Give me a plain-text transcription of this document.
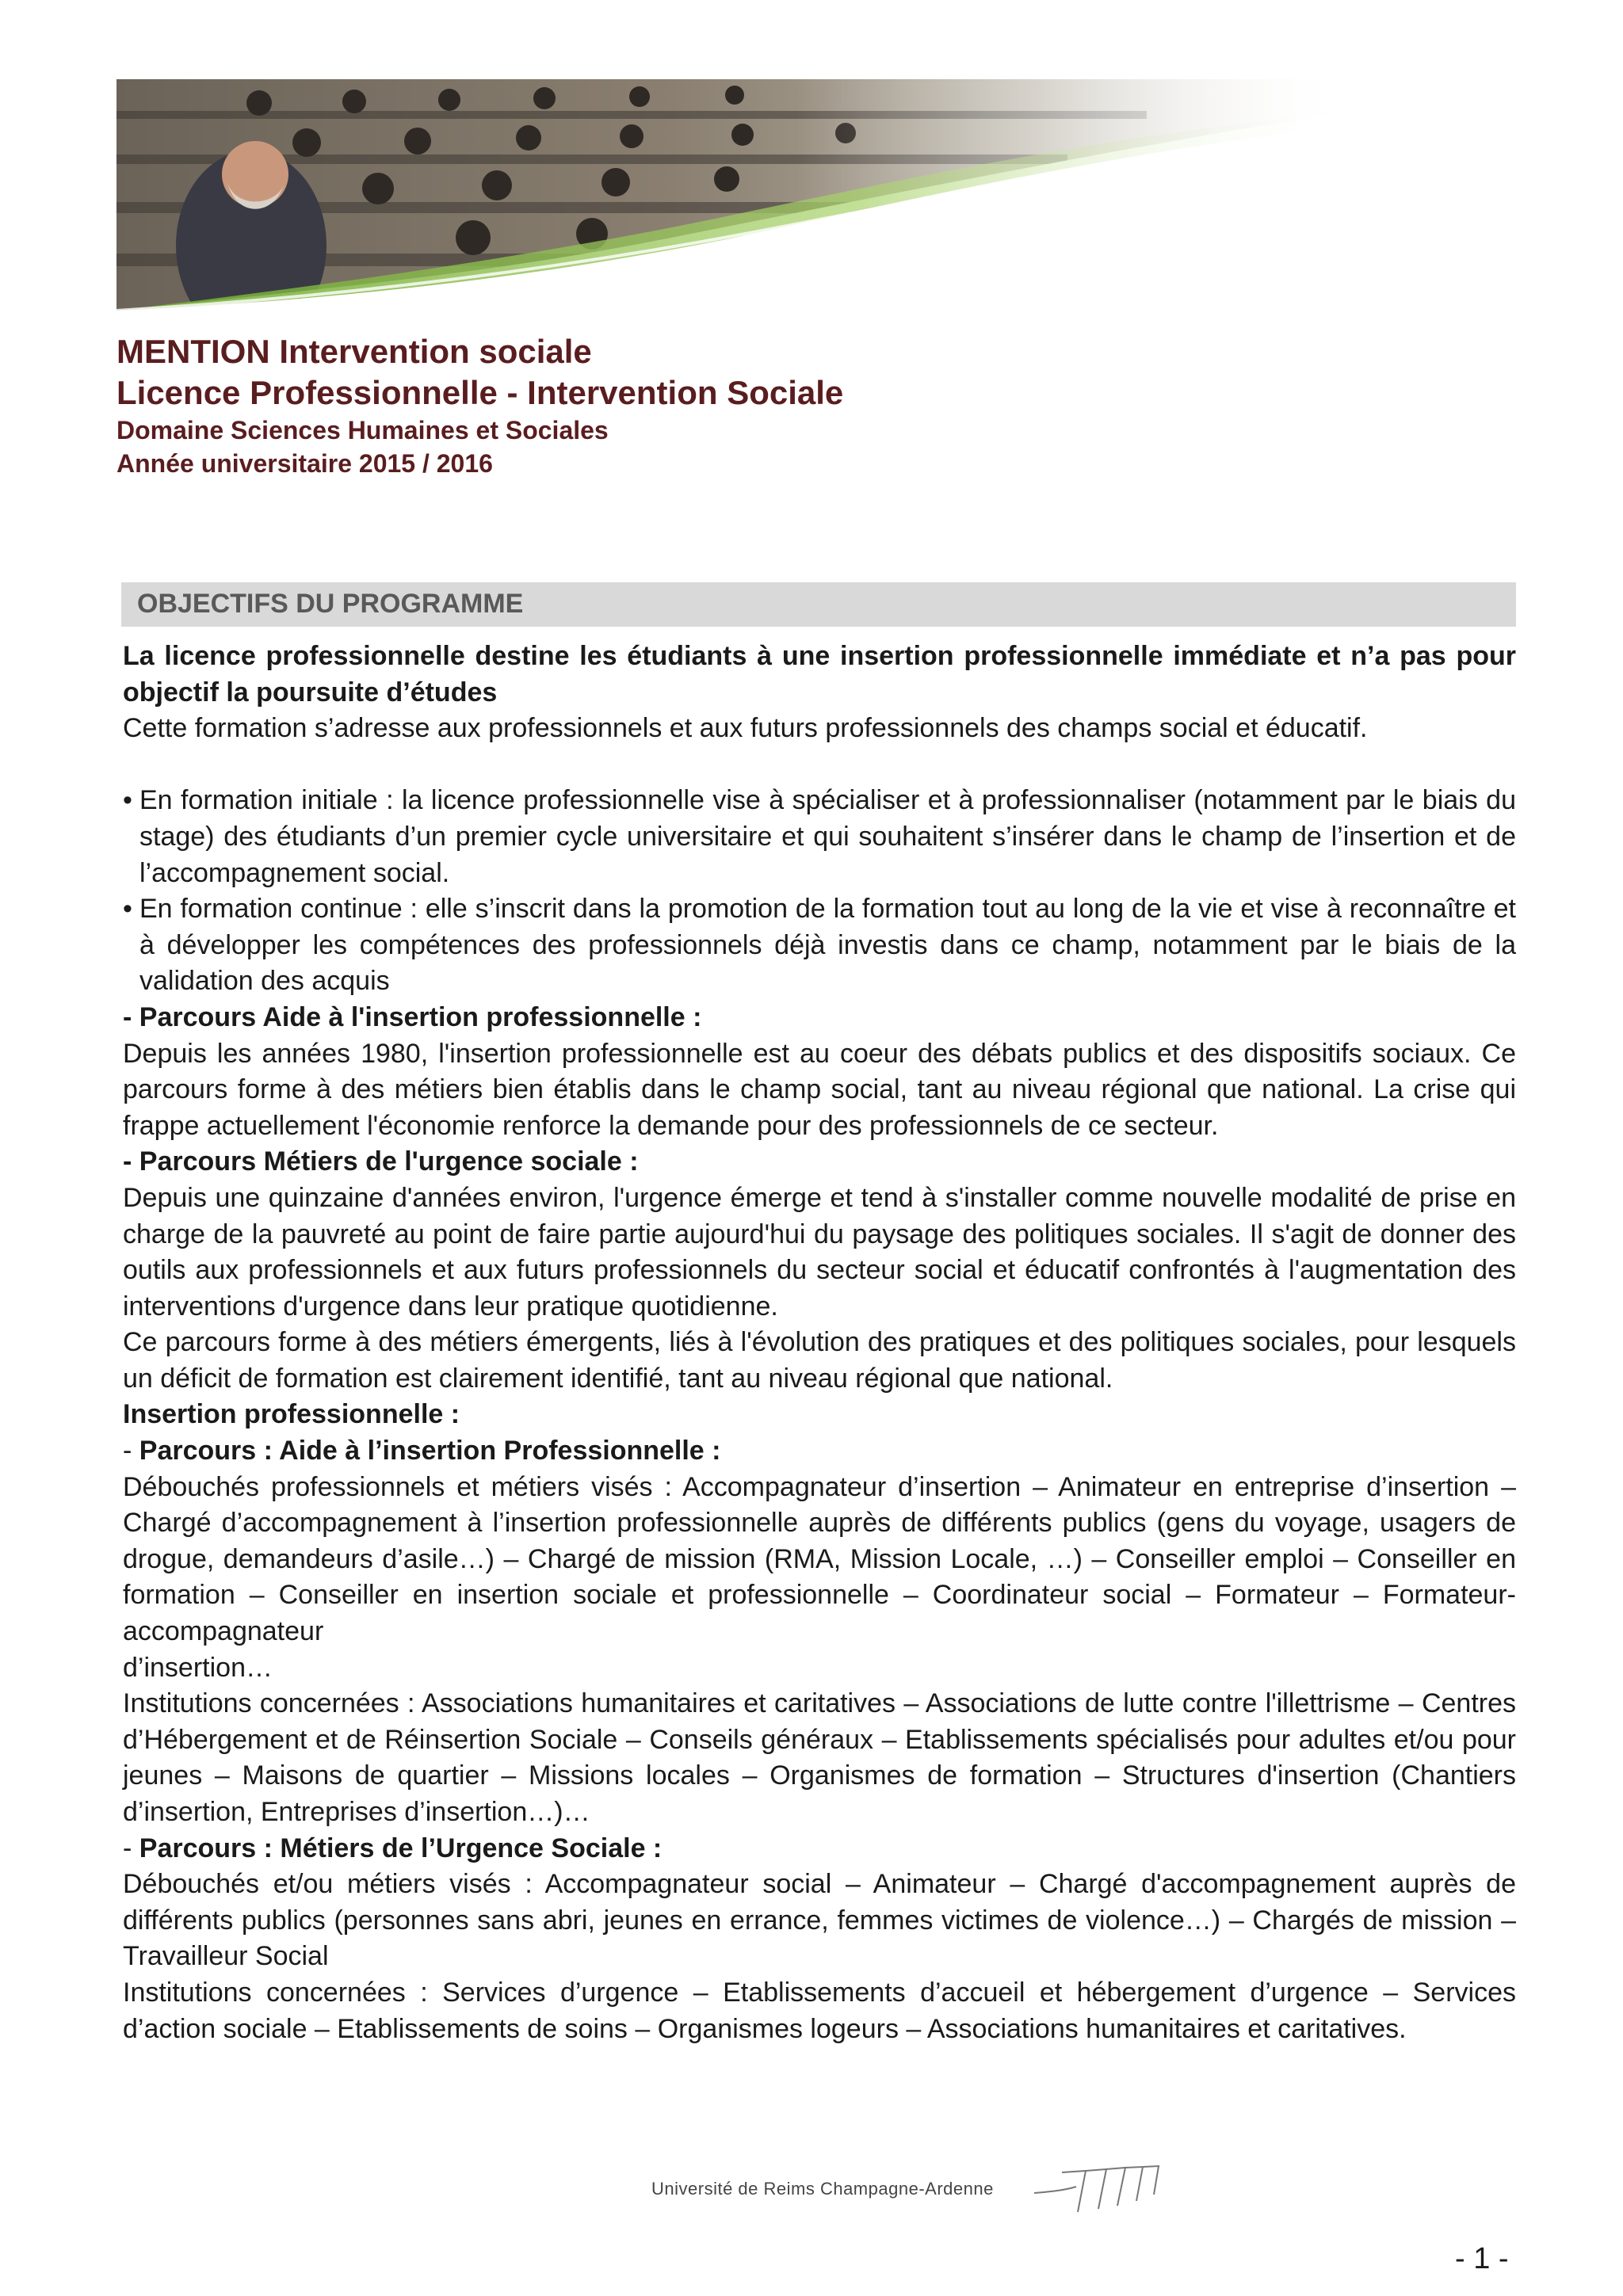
MENTION Intervention sociale
Licence Professionnelle - Intervention Sociale
Domaine Sciences Humaines et Sociales
Année universitaire 2015 / 2016
OBJECTIFS DU PROGRAMME

La licence professionnelle destine les étudiants à une insertion professionnelle immédiate et n’a pas pour objectif la poursuite d’études

Cette formation s’adresse aux professionnels et aux futurs professionnels des champs social et éducatif.

• En formation initiale : la licence professionnelle vise à spécialiser et à professionnaliser (notamment par le biais du stage) des étudiants d’un premier cycle universitaire et qui souhaitent s’insérer dans le champ de l’insertion et de l’accompagnement social.
• En formation continue : elle s’inscrit dans la promotion de la formation tout au long de la vie et vise à reconnaître et à développer les compétences des professionnels déjà investis dans ce champ, notamment par le biais de la validation des acquis

- Parcours Aide à l'insertion professionnelle :

Depuis les années 1980, l'insertion professionnelle est au coeur des débats publics et des dispositifs sociaux. Ce parcours forme à des métiers bien établis dans le champ social, tant au niveau régional que national. La crise qui frappe actuellement l'économie renforce la demande pour des professionnels de ce secteur.

- Parcours Métiers de l'urgence sociale :

Depuis une quinzaine d'années environ, l'urgence émerge et tend à s'installer comme nouvelle modalité de prise en charge de la pauvreté au point de faire partie aujourd'hui du paysage des politiques sociales. Il s'agit de donner des outils aux professionnels et aux futurs professionnels du secteur social et éducatif confrontés à l'augmentation des interventions d'urgence dans leur pratique quotidienne.

Ce parcours forme à des métiers émergents, liés à l'évolution des pratiques et des politiques sociales, pour lesquels un déficit de formation est clairement identifié, tant au niveau régional que national.

Insertion professionnelle :

- Parcours : Aide à l’insertion Professionnelle :

Débouchés professionnels et métiers visés : Accompagnateur d’insertion – Animateur en entreprise d’insertion – Chargé d’accompagnement à l’insertion professionnelle auprès de différents publics (gens du voyage, usagers de drogue, demandeurs d’asile…) – Chargé de mission (RMA, Mission Locale, …) – Conseiller emploi – Conseiller en formation – Conseiller en insertion sociale et professionnelle – Coordinateur social – Formateur – Formateur-accompagnateur

d’insertion…

Institutions concernées : Associations humanitaires et caritatives – Associations de lutte contre l'illettrisme – Centres d’Hébergement et de Réinsertion Sociale – Conseils généraux – Etablissements spécialisés pour adultes et/ou pour jeunes – Maisons de quartier – Missions locales – Organismes de formation – Structures d'insertion (Chantiers d’insertion, Entreprises d’insertion…)…

- Parcours : Métiers de l’Urgence Sociale :

Débouchés et/ou métiers visés : Accompagnateur social – Animateur – Chargé d'accompagnement auprès de différents publics (personnes sans abri, jeunes en errance, femmes victimes de violence…) – Chargés de mission – Travailleur Social

Institutions concernées : Services d’urgence – Etablissements d’accueil et hébergement d’urgence – Services d’action sociale – Etablissements de soins – Organismes logeurs – Associations humanitaires et caritatives.

Université de Reims Champagne-Ardenne
- 1 -
